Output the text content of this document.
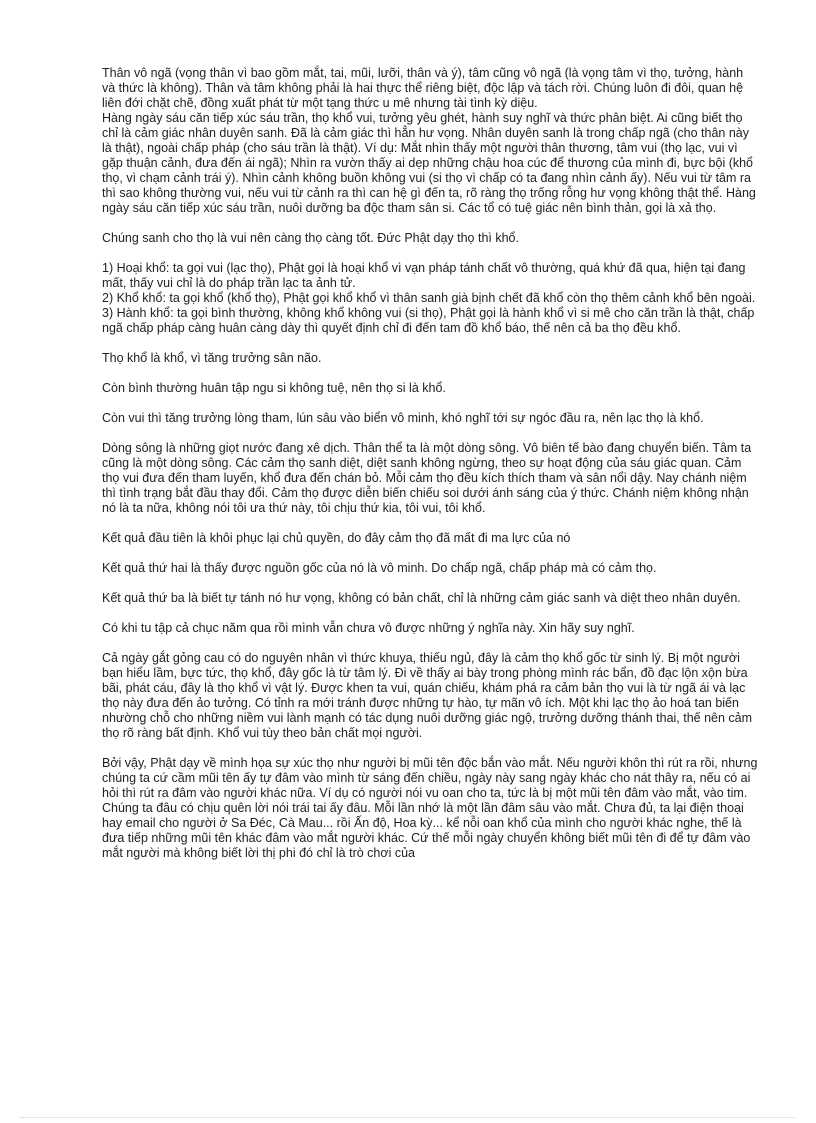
Thân vô ngã (vọng thân vì bao gồm mắt, tai, mũi, lưỡi, thân và ý), tâm cũng vô ngã (là vọng tâm vì thọ, tưởng, hành và thức là không). Thân và tâm không phải là hai thực thể riêng biệt, độc lập và tách rời. Chúng luôn đi đôi, quan hệ liên đới chặt chẽ, đồng xuất phát từ một tạng thức u mê nhưng tài tình kỳ diệu.
Hàng ngày sáu căn tiếp xúc sáu trần, thọ khổ vui, tưởng yêu ghét, hành suy nghĩ và thức phân biệt. Ai cũng biết thọ chỉ là cảm giác nhân duyên sanh. Đã là cảm giác thì hẳn hư vọng. Nhân duyên sanh là trong chấp ngã (cho thân này là thật), ngoài chấp pháp (cho sáu trần là thật). Ví dụ: Mắt nhìn thấy một người thân thương, tâm vui (thọ lạc, vui vì gặp thuận cảnh, đưa đến ái ngã); Nhìn ra vườn thấy ai dẹp những chậu hoa cúc để thương của mình đi, bực bội (khổ thọ, vì chạm cảnh trái ý). Nhìn cảnh không buồn không vui (si thọ vì chấp có ta đang nhìn cảnh ấy). Nếu vui từ tâm ra thì sao không thường vui, nếu vui từ cảnh ra thì can hệ gì đến ta, rõ ràng thọ trống rỗng hư vọng không thật thể. Hàng ngày sáu căn tiếp xúc sáu trần, nuôi dưỡng ba độc tham sân si. Các tổ có tuệ giác nên bình thản, gọi là xả thọ.

Chúng sanh cho thọ là vui nên càng thọ càng tốt. Đức Phật dạy thọ thì khổ.

1) Hoại khổ: ta gọi vui (lạc thọ), Phật gọi là hoại khổ vì vạn pháp tánh chất vô thường, quá khứ đã qua, hiện tại đang mất, thấy vui chỉ là do pháp trần lạc ta ảnh tử.
2) Khổ khổ: ta gọi khổ (khổ thọ), Phật gọi khổ khổ vì thân sanh già bịnh chết đã khổ còn thọ thêm cảnh khổ bên ngoài.
3) Hành khổ: ta gọi bình thường, không khổ không vui (si thọ), Phật gọi là hành khổ vì si mê cho căn trần là thật, chấp ngã chấp pháp càng huân càng dày thì quyết định chỉ đi đến tam đồ khổ báo, thế nên cả ba thọ đều khổ.

Thọ khổ là khổ, vì tăng trưởng sân não.

Còn bình thường huân tập ngu si không tuệ, nên thọ si là khổ.

Còn vui thì tăng trưởng lòng tham, lún sâu vào biển vô minh, khó nghĩ tới sự ngóc đầu ra, nên lạc thọ là khổ.

Dòng sông là những giọt nước đang xê dịch. Thân thể ta là một dòng sông. Vô biên tế bào đang chuyển biến. Tâm ta cũng là một dòng sông. Các cảm thọ sanh diệt, diệt sanh không ngừng, theo sự hoạt động của sáu giác quan. Cảm thọ vui đưa đến tham luyến, khổ đưa đến chán bỏ. Mỗi cảm thọ đều kích thích tham và sân nổi dậy. Nay chánh niệm thì tình trạng bắt đầu thay đổi. Cảm thọ được diễn biến chiếu soi dưới ánh sáng của ý thức. Chánh niệm không nhận nó là ta nữa, không nói tôi ưa thứ này, tôi chịu thứ kia, tôi vui, tôi khổ.

Kết quả đầu tiên là khôi phục lại chủ quyền, do đây cảm thọ đã mất đi ma lực của nó

Kết quả thứ hai là thấy được nguồn gốc của nó là vô minh. Do chấp ngã, chấp pháp mà có cảm thọ.

Kết quả thứ ba là biết tự tánh nó hư vọng, không có bản chất, chỉ là những cảm giác sanh và diệt theo nhân duyên.

Có khi tu tập cả chục năm qua rồi mình vẫn chưa vô được những ý nghĩa này. Xin hãy suy nghĩ.

Cả ngày gắt gỏng cau có do nguyên nhân vì thức khuya, thiếu ngủ, đây là cảm thọ khổ gốc từ sinh lý. Bị một người bạn hiểu lầm, bực tức, thọ khổ, đây gốc là từ tâm lý. Đi về thấy ai bày trong phòng mình rác bẩn, đồ đạc lộn xộn bừa bãi, phát cáu, đây là thọ khổ vì vật lý. Được khen ta vui, quán chiếu, khám phá ra cảm bản thọ vui là từ ngã ái và lạc thọ này đưa đến ảo tưởng. Có tỉnh ra mới tránh được những tự hào, tự mãn vô ích. Một khi lạc thọ ảo hoá tan biến nhường chỗ cho những niềm vui lành mạnh có tác dụng nuôi dưỡng giác ngộ, trưởng dưỡng thánh thai, thế nên cảm thọ rõ ràng bất định. Khổ vui tùy theo bản chất mọi người.

Bởi vậy, Phật dạy về mình họa sự xúc thọ như người bị mũi tên độc bắn vào mắt. Nếu người khôn thì rút ra rồi, nhưng chúng ta cứ cầm mũi tên ấy tự đâm vào mình từ sáng đến chiều, ngày này sang ngày khác cho nát thây ra, nếu có ai hỏi thì rút ra đâm vào người khác nữa. Ví dụ có người nói vu oan cho ta, tức là bị một mũi tên đâm vào mắt, vào tim. Chúng ta đâu có chịu quên lời nói trái tai ấy đâu. Mỗi lần nhớ là một lần đâm sâu vào mắt. Chưa đủ, ta lại điện thoại hay email cho người ở Sa Đéc, Cà Mau... rồi Ấn độ, Hoa kỳ... kể nỗi oan khổ của mình cho người khác nghe, thế là đưa tiếp những mũi tên khác đâm vào mắt người khác. Cứ thế mỗi ngày chuyển không biết mũi tên đi để tự đâm vào mắt người mà không biết lời thị phi đó chỉ là trò chơi của
